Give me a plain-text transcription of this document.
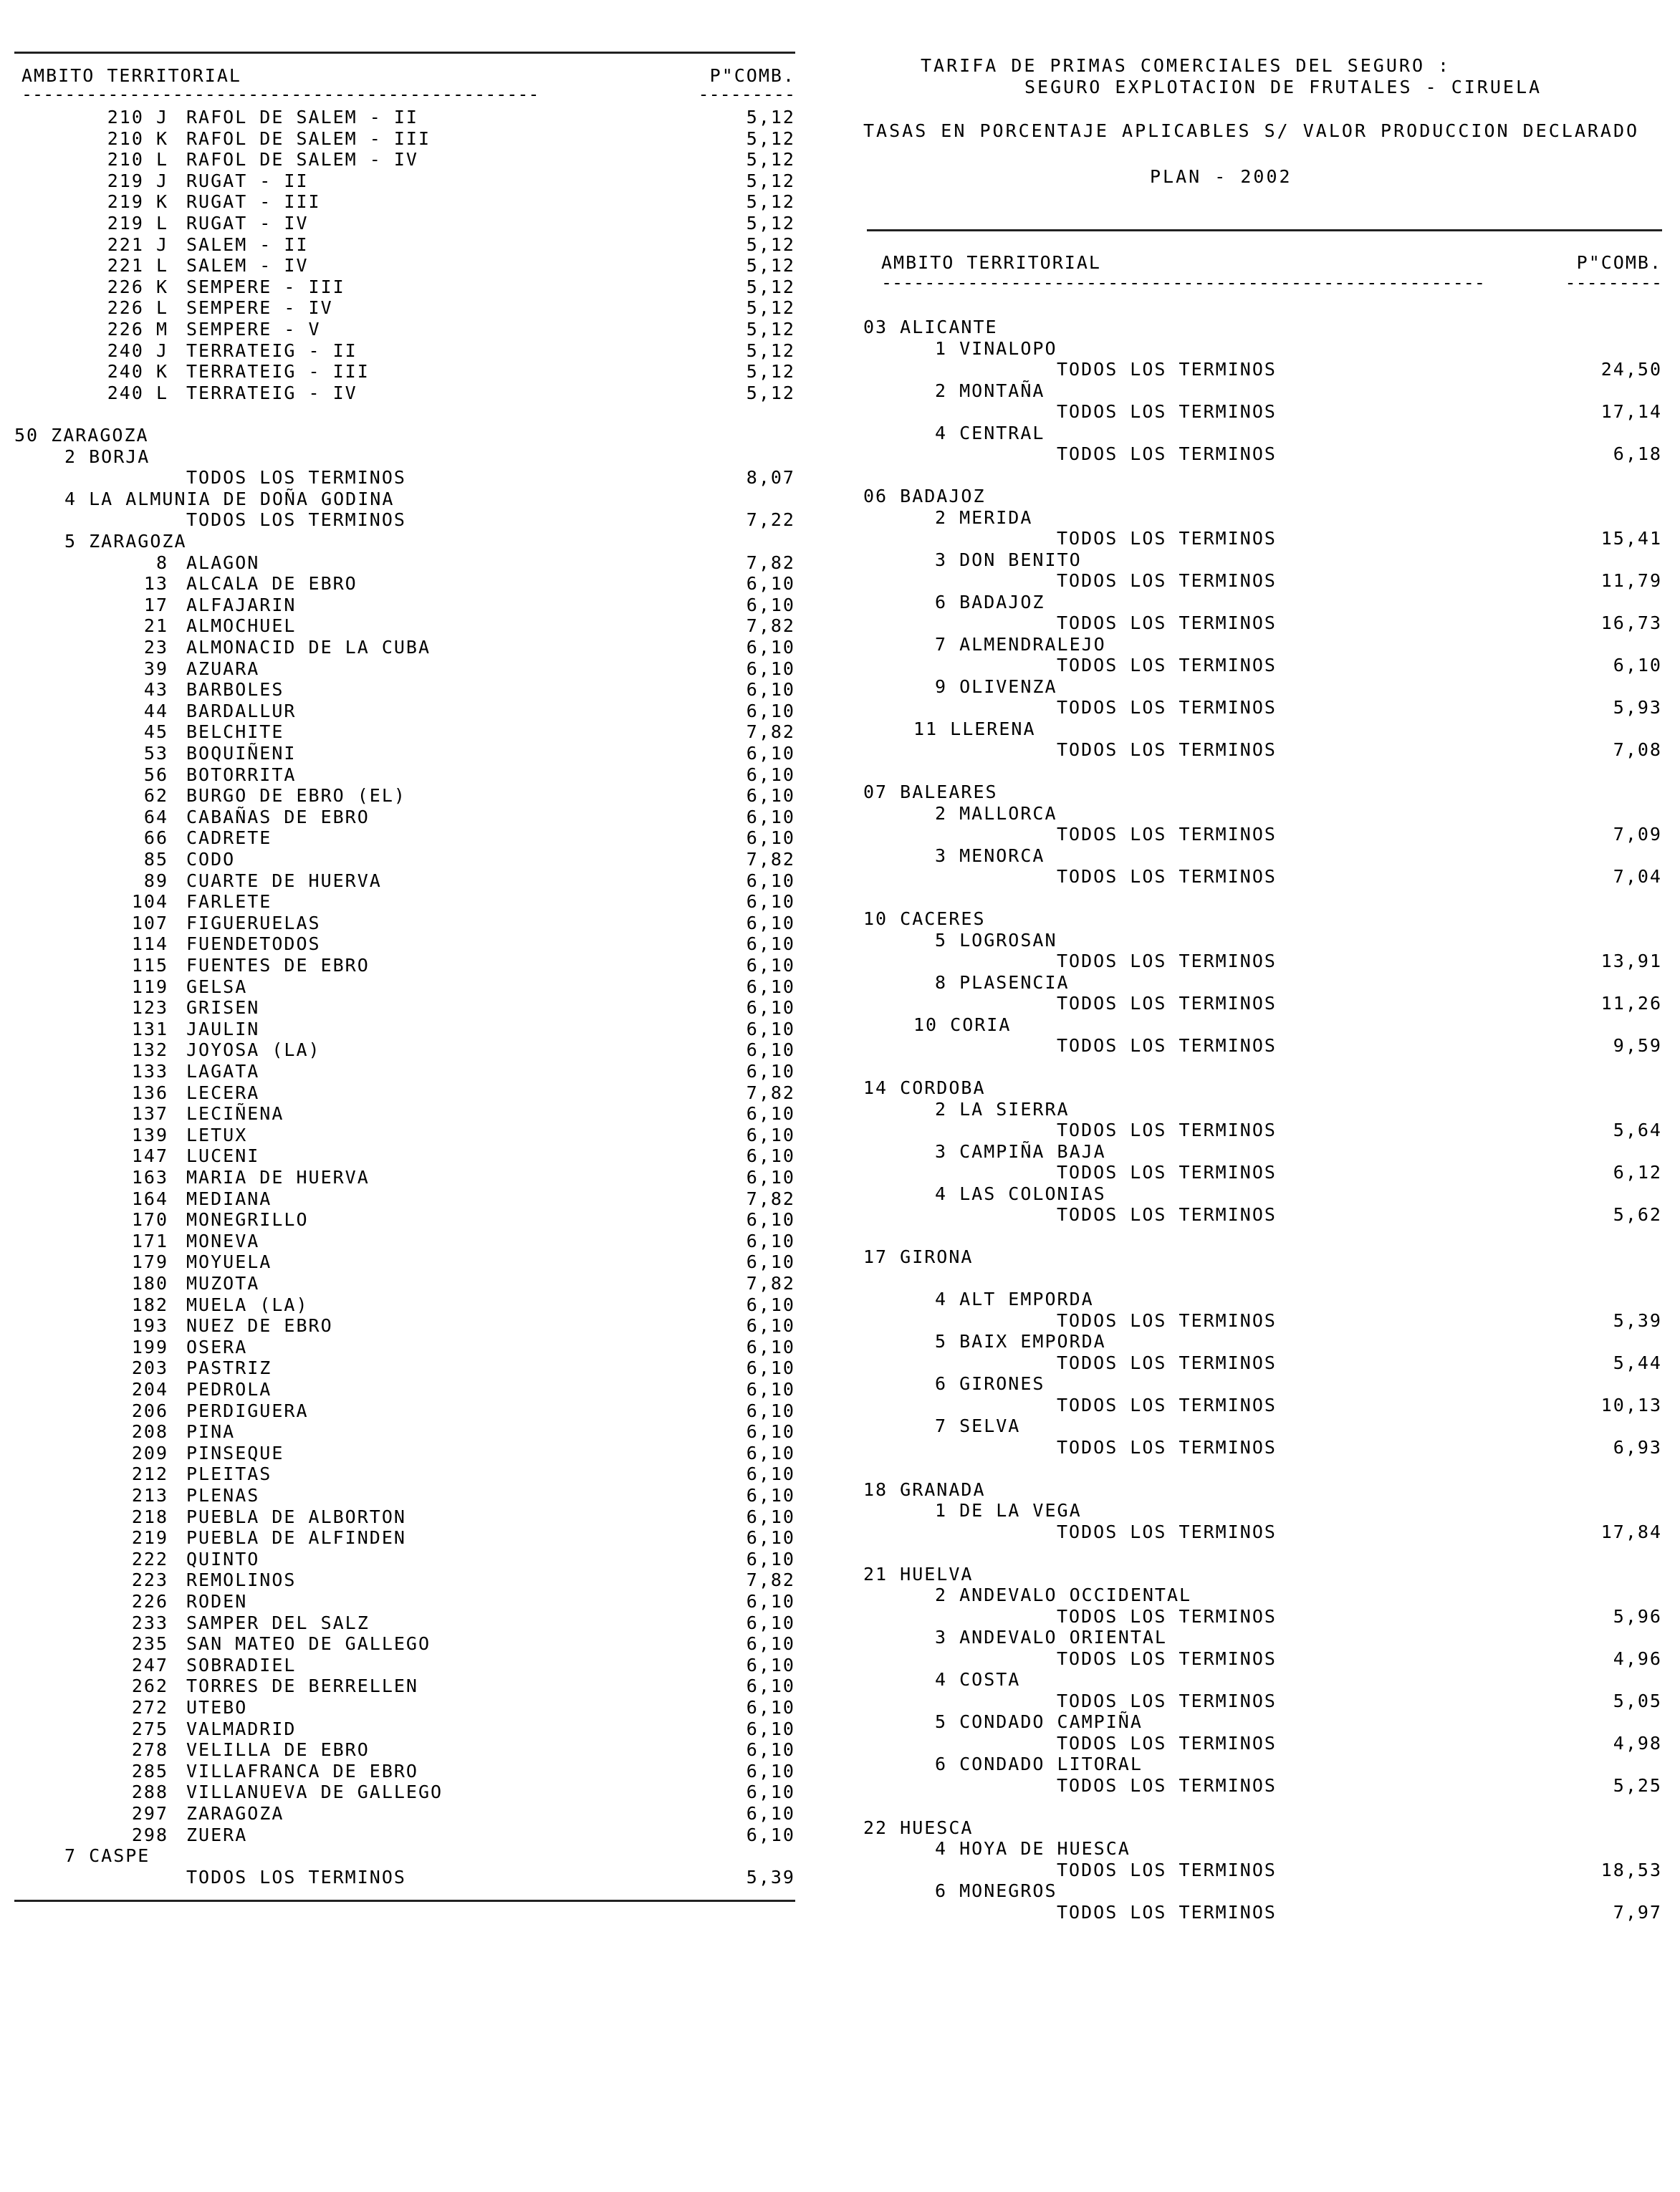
AMBITO TERRITORIAL

	P"COMB.

------------------------------------------------

	---------

210 J RAFOL DE SALEM - II	5,12
210 K RAFOL DE SALEM - III	5,12
210 L RAFOL DE SALEM - IV	5,12
219 J RUGAT - II	5,12
219 K RUGAT - III	5,12
219 L RUGAT - IV	5,12
221 J SALEM - II	5,12
221 L SALEM - IV	5,12
226 K SEMPERE - III	5,12
226 L SEMPERE - IV	5,12
226 M SEMPERE - V	5,12
240 J TERRATEIG - II	5,12
240 K TERRATEIG - III	5,12
240 L TERRATEIG - IV	5,12
50 ZARAGOZA
2 BORJA
TODOS LOS TERMINOS	8,07
4 LA ALMUNIA DE DOÑA GODINA
TODOS LOS TERMINOS	7,22
5 ZARAGOZA
8 ALAGON	7,82
13 ALCALA DE EBRO	6,10
17 ALFAJARIN	6,10
21 ALMOCHUEL	7,82
23 ALMONACID DE LA CUBA	6,10
39 AZUARA	6,10
43 BARBOLES	6,10
44 BARDALLUR	6,10
45 BELCHITE	7,82
53 BOQUIÑENI	6,10
56 BOTORRITA	6,10
62 BURGO DE EBRO (EL)	6,10
64 CABAÑAS DE EBRO	6,10
66 CADRETE	6,10
85 CODO	7,82
89 CUARTE DE HUERVA	6,10
104 FARLETE	6,10
107 FIGUERUELAS	6,10
114 FUENDETODOS	6,10
115 FUENTES DE EBRO	6,10
119 GELSA	6,10
123 GRISEN	6,10
131 JAULIN	6,10
132 JOYOSA (LA)	6,10
133 LAGATA	6,10
136 LECERA	7,82
137 LECIÑENA	6,10
139 LETUX	6,10
147 LUCENI	6,10
163 MARIA DE HUERVA	6,10
164 MEDIANA	7,82
170 MONEGRILLO	6,10
171 MONEVA	6,10
179 MOYUELA	6,10
180 MUZOTA	7,82
182 MUELA (LA)	6,10
193 NUEZ DE EBRO	6,10
199 OSERA	6,10
203 PASTRIZ	6,10
204 PEDROLA	6,10
206 PERDIGUERA	6,10
208 PINA	6,10
209 PINSEQUE	6,10
212 PLEITAS	6,10
213 PLENAS	6,10
218 PUEBLA DE ALBORTON	6,10
219 PUEBLA DE ALFINDEN	6,10
222 QUINTO	6,10
223 REMOLINOS	7,82
226 RODEN	6,10
233 SAMPER DEL SALZ	6,10
235 SAN MATEO DE GALLEGO	6,10
247 SOBRADIEL	6,10
262 TORRES DE BERRELLEN	6,10
272 UTEBO	6,10
275 VALMADRID	6,10
278 VELILLA DE EBRO	6,10
285 VILLAFRANCA DE EBRO	6,10
288 VILLANUEVA DE GALLEGO	6,10
297 ZARAGOZA	6,10
298 ZUERA	6,10
7 CASPE
TODOS LOS TERMINOS	5,39
TARIFA DE PRIMAS COMERCIALES DEL SEGURO :
SEGURO EXPLOTACION DE FRUTALES - CIRUELA
TASAS EN PORCENTAJE APLICABLES S/ VALOR PRODUCCION DECLARADO
PLAN - 2002

AMBITO TERRITORIAL

	P"COMB.

--------------------------------------------------------

	---------

03 ALICANTE
1 VINALOPO
TODOS LOS TERMINOS	24,50
2 MONTAÑA
TODOS LOS TERMINOS	17,14
4 CENTRAL
TODOS LOS TERMINOS	6,18
06 BADAJOZ
2 MERIDA
TODOS LOS TERMINOS	15,41
3 DON BENITO
TODOS LOS TERMINOS	11,79
6 BADAJOZ
TODOS LOS TERMINOS	16,73
7 ALMENDRALEJO
TODOS LOS TERMINOS	6,10
9 OLIVENZA
TODOS LOS TERMINOS	5,93
11 LLERENA
TODOS LOS TERMINOS	7,08
07 BALEARES
2 MALLORCA
TODOS LOS TERMINOS	7,09
3 MENORCA
TODOS LOS TERMINOS	7,04
10 CACERES
5 LOGROSAN
TODOS LOS TERMINOS	13,91
8 PLASENCIA
TODOS LOS TERMINOS	11,26
10 CORIA
TODOS LOS TERMINOS	9,59
14 CORDOBA
2 LA SIERRA
TODOS LOS TERMINOS	5,64
3 CAMPIÑA BAJA
TODOS LOS TERMINOS	6,12
4 LAS COLONIAS
TODOS LOS TERMINOS	5,62
17 GIRONA
4 ALT EMPORDA
TODOS LOS TERMINOS	5,39
5 BAIX EMPORDA
TODOS LOS TERMINOS	5,44
6 GIRONES
TODOS LOS TERMINOS	10,13
7 SELVA
TODOS LOS TERMINOS	6,93
18 GRANADA
1 DE LA VEGA
TODOS LOS TERMINOS	17,84
21 HUELVA
2 ANDEVALO OCCIDENTAL
TODOS LOS TERMINOS	5,96
3 ANDEVALO ORIENTAL
TODOS LOS TERMINOS	4,96
4 COSTA
TODOS LOS TERMINOS	5,05
5 CONDADO CAMPIÑA
TODOS LOS TERMINOS	4,98
6 CONDADO LITORAL
TODOS LOS TERMINOS	5,25
22 HUESCA
4 HOYA DE HUESCA
TODOS LOS TERMINOS	18,53
6 MONEGROS
TODOS LOS TERMINOS	7,97
